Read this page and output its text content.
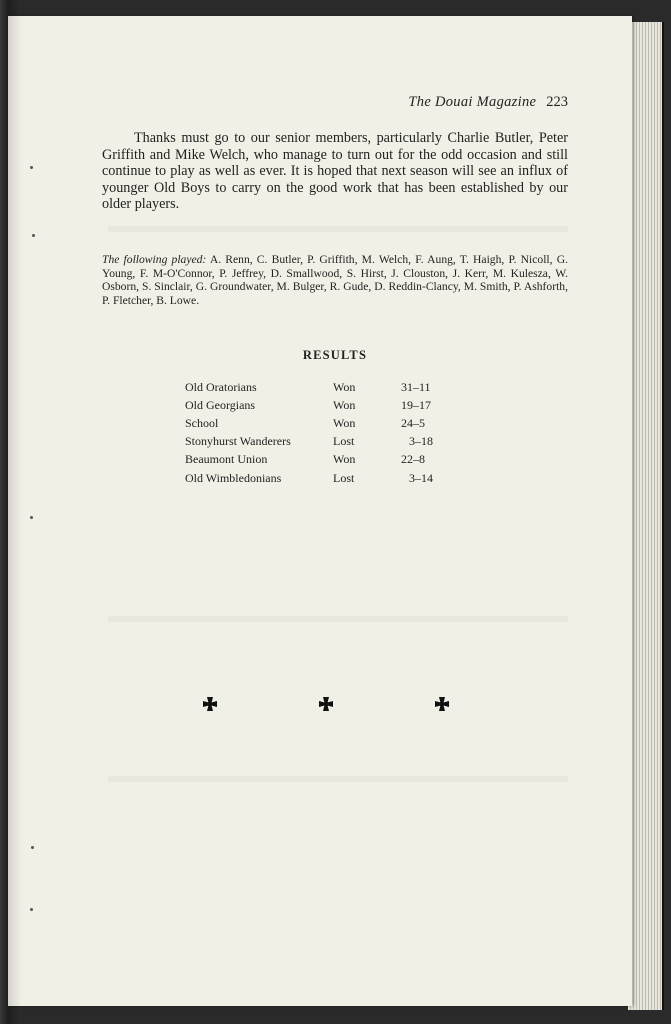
The Douai Magazine 223

Thanks must go to our senior members, particularly Charlie Butler, Peter Griffith and Mike Welch, who manage to turn out for the odd occasion and still continue to play as well as ever. It is hoped that next season will see an influx of younger Old Boys to carry on the good work that has been established by our older players.

The following played: A. Renn, C. Butler, P. Griffith, M. Welch, F. Aung, T. Haigh, P. Nicoll, G. Young, F. M-O'Connor, P. Jeffrey, D. Smallwood, S. Hirst, J. Clouston, J. Kerr, M. Kulesza, W. Osborn, S. Sinclair, G. Groundwater, M. Bulger, R. Gude, D. Reddin-Clancy, M. Smith, P. Ashforth, P. Fletcher, B. Lowe.

RESULTS
Old Oratorians	Won	31–11
Old Georgians	Won	19–17
School	Won	24–5
Stonyhurst Wanderers	Lost	3–18
Beaumont Union	Won	22–8
Old Wimbledonians	Lost	3–14
